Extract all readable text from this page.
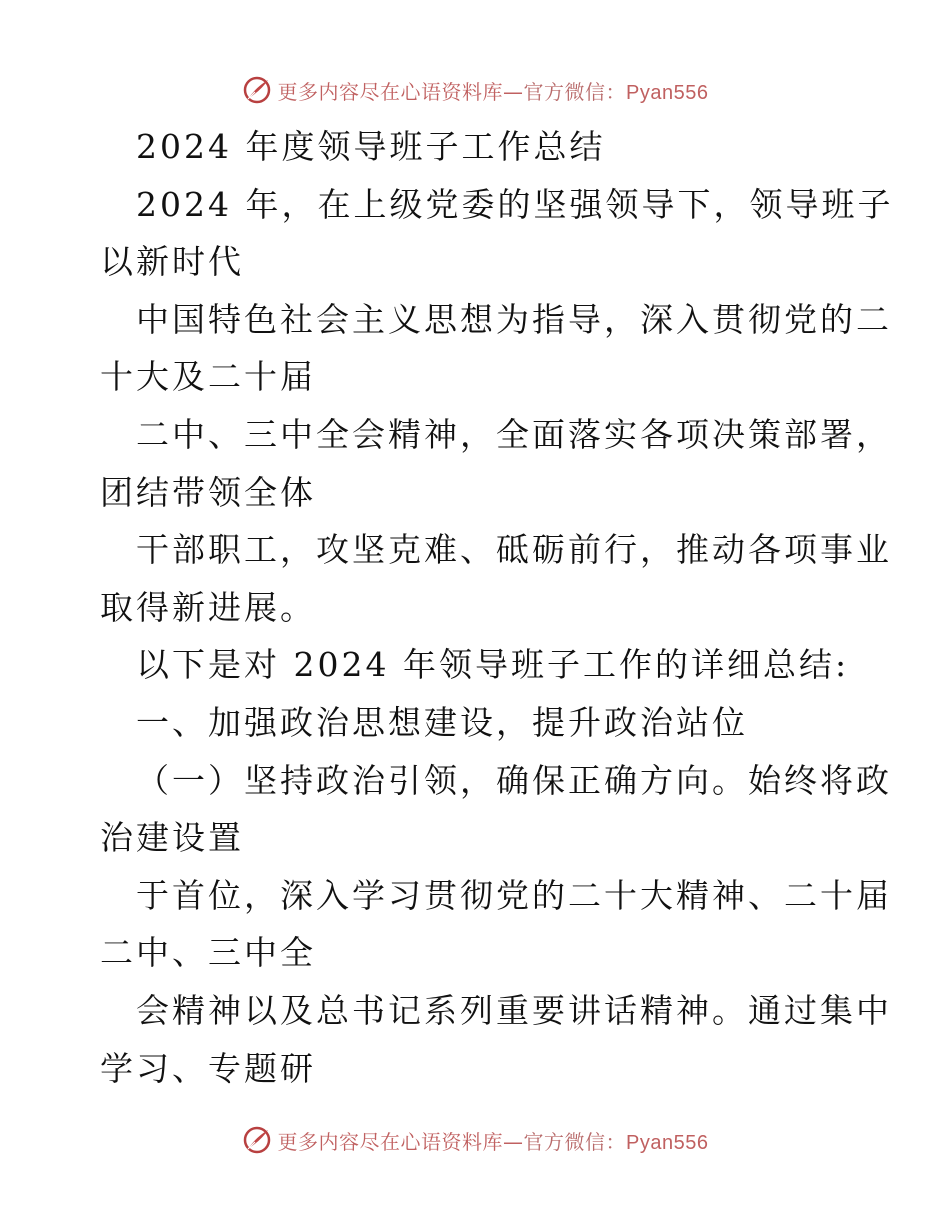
更多内容尽在心语资料库—官方微信：Pyan556
2024 年度领导班子工作总结
2024 年，在上级党委的坚强领导下，领导班子
以新时代
中国特色社会主义思想为指导，深入贯彻党的二
十大及二十届
二中、三中全会精神，全面落实各项决策部署，
团结带领全体
干部职工，攻坚克难、砥砺前行，推动各项事业
取得新进展。
以下是对 2024 年领导班子工作的详细总结:
一、加强政治思想建设，提升政治站位
（一）坚持政治引领，确保正确方向。始终将政
治建设置
于首位，深入学习贯彻党的二十大精神、二十届
二中、三中全
会精神以及总书记系列重要讲话精神。通过集中
学习、专题研
更多内容尽在心语资料库—官方微信：Pyan556
